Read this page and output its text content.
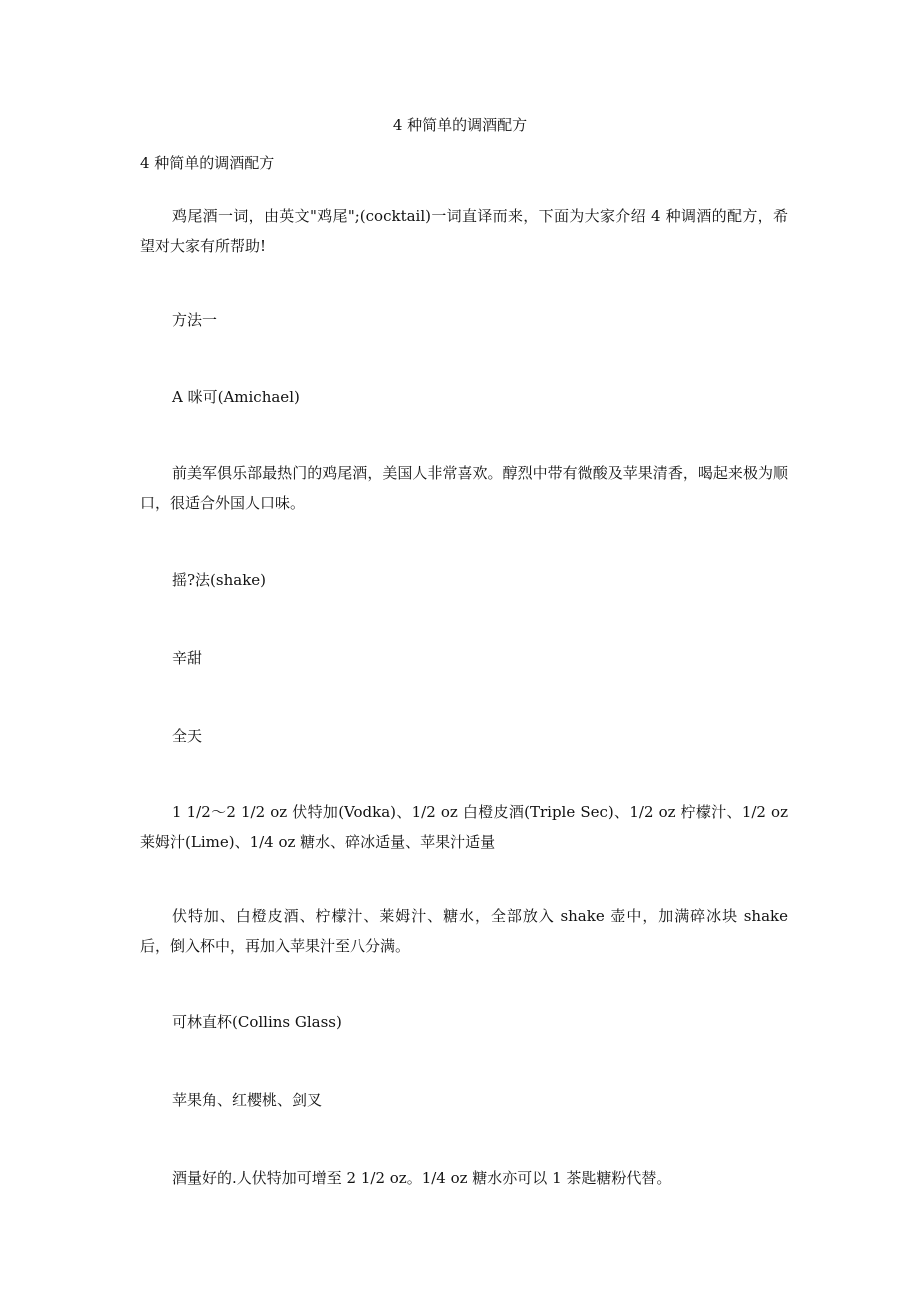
4 种简单的调酒配方
4 种简单的调酒配方
鸡尾酒一词，由英文"鸡尾";(cocktail)一词直译而来，下面为大家介绍 4 种调酒的配方，希望对大家有所帮助!
方法一
A 咪可(Amichael)
前美军俱乐部最热门的鸡尾酒，美国人非常喜欢。醇烈中带有微酸及苹果清香，喝起来极为顺口，很适合外国人口味。
摇?法(shake)
辛甜
全天
1 1/2～2 1/2 oz 伏特加(Vodka)、1/2 oz 白橙皮酒(Triple Sec)、1/2 oz 柠檬汁、1/2 oz 莱姆汁(Lime)、1/4 oz 糖水、碎冰适量、苹果汁适量
伏特加、白橙皮酒、柠檬汁、莱姆汁、糖水，全部放入 shake 壶中，加满碎冰块 shake 后，倒入杯中，再加入苹果汁至八分满。
可林直杯(Collins Glass)
苹果角、红樱桃、剑叉
酒量好的.人伏特加可增至 2 1/2 oz。1/4 oz 糖水亦可以 1 茶匙糖粉代替。
